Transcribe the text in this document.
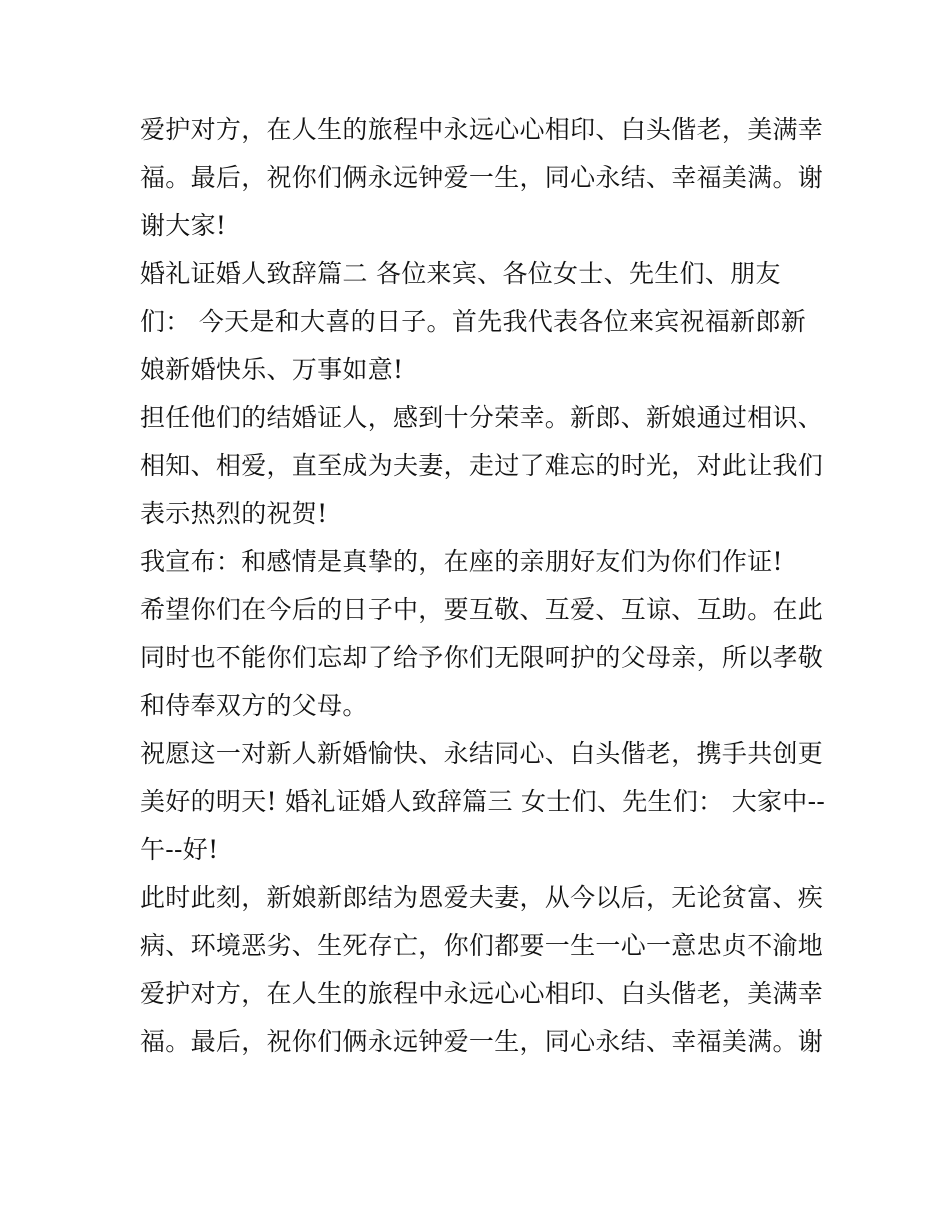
爱护对方，在人生的旅程中永远心心相印、白头偕老，美满幸
福。最后，祝你们俩永远钟爱一生，同心永结、幸福美满。谢
谢大家!
婚礼证婚人致辞篇二 各位来宾、各位女士、先生们、朋友
们： 今天是和大喜的日子。首先我代表各位来宾祝福新郎新
娘新婚快乐、万事如意!
担任他们的结婚证人，感到十分荣幸。新郎、新娘通过相识、
相知、相爱，直至成为夫妻，走过了难忘的时光，对此让我们
表示热烈的祝贺!
我宣布：和感情是真挚的，在座的亲朋好友们为你们作证!
希望你们在今后的日子中，要互敬、互爱、互谅、互助。在此
同时也不能你们忘却了给予你们无限呵护的父母亲，所以孝敬
和侍奉双方的父母。
祝愿这一对新人新婚愉快、永结同心、白头偕老，携手共创更
美好的明天! 婚礼证婚人致辞篇三 女士们、先生们： 大家中--
午--好!
此时此刻，新娘新郎结为恩爱夫妻，从今以后，无论贫富、疾
病、环境恶劣、生死存亡，你们都要一生一心一意忠贞不渝地
爱护对方，在人生的旅程中永远心心相印、白头偕老，美满幸
福。最后，祝你们俩永远钟爱一生，同心永结、幸福美满。谢
